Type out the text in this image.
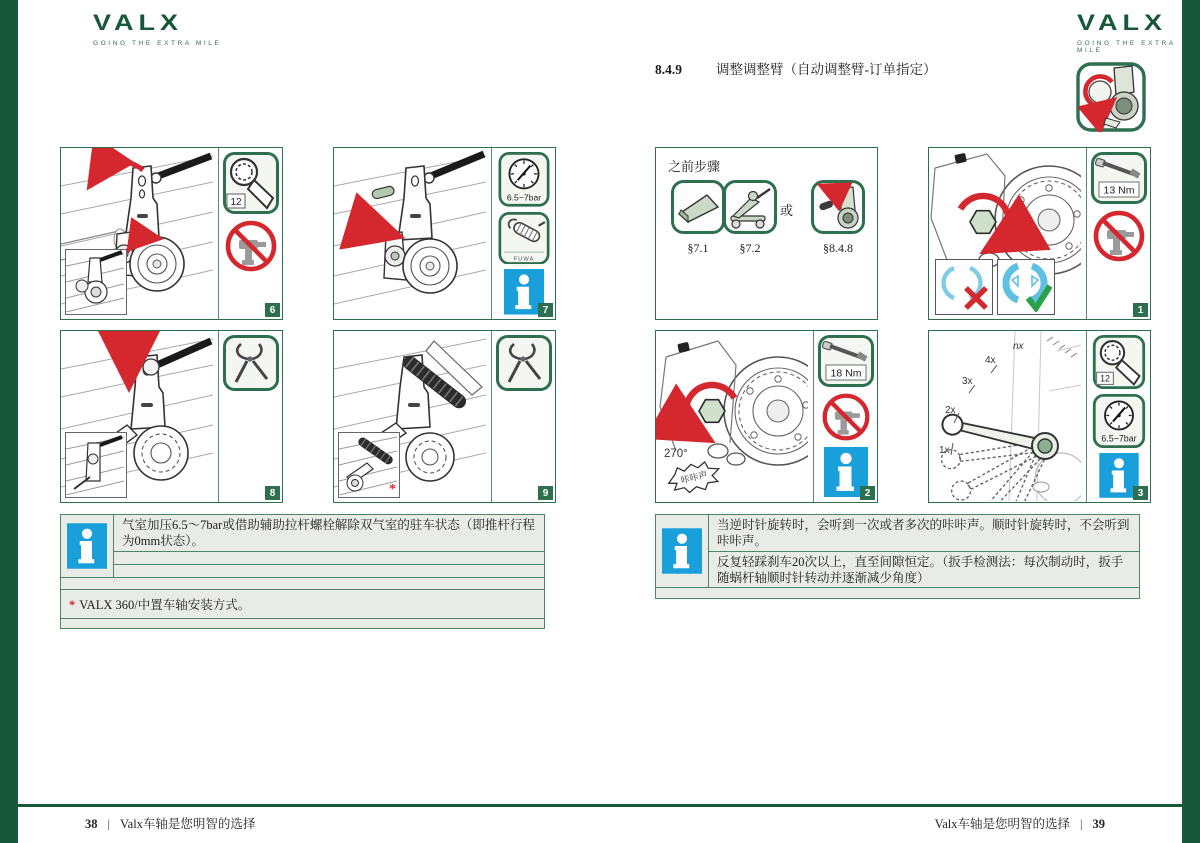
VALX
GOING THE EXTRA MILE
VALX
GOING THE EXTRA MILE
8.4.9	调整调整臂（自动调整臂-订单指定）
12
6
6.5~7bar
FUWA
7
8	*	9
气室加压6.5～7bar或借助辅助拉杆螺栓解除双气室的驻车状态（即推杆行程为0mm状态）。
* VALX 360/中置车轴安装方式。
之前步骤
§7.1	§7.2
或
§8.4.8
13 Nm
1
270°
咔咔声
18 Nm
2
1x
2x
3x
4x
nx
12
6.5~7bar
3
当逆时针旋转时，会听到一次或者多次的咔咔声。顺时针旋转时，不会听到咔咔声。
反复轻踩刹车20次以上，直至间隙恒定。（扳手检测法：每次制动时，扳手随蜗杆轴顺时针转动并逐渐减少角度）
38 | Valx车轴是您明智的选择	Valx车轴是您明智的选择 | 39
